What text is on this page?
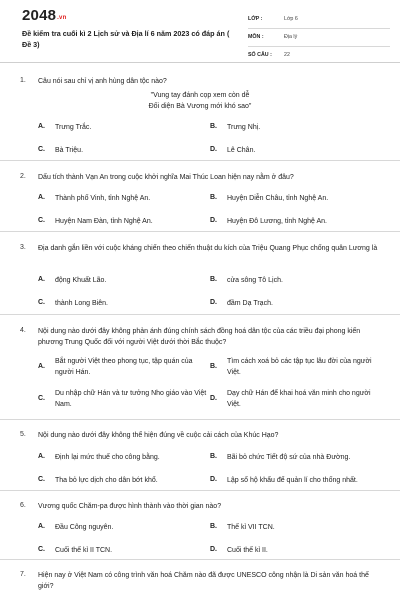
2048.vn
Đề kiểm tra cuối kì 2 Lịch sử và Địa lí 6 năm 2023 có đáp án ( Đề 3)
LỚP :	Lớp 6
MÔN :	Địa lý
SỐ CÂU : 22
1. Câu nói sau chỉ vị anh hùng dân tộc nào?
"Vung tay đánh cọp xem còn dễ
Đối diện Bà Vương mới khó sao"
A. Trưng Trắc.	B. Trưng Nhị.
C. Bà Triệu.	D. Lê Chân.
2. Dấu tích thành Vạn An trong cuộc khởi nghĩa Mai Thúc Loan hiện nay nằm ở đâu?
A. Thành phố Vinh, tỉnh Nghệ An.	B. Huyện Diễn Châu, tỉnh Nghệ An.
C. Huyện Nam Đàn, tỉnh Nghệ An.	D. Huyện Đô Lương, tỉnh Nghệ An.
3. Địa danh gắn liền với cuộc kháng chiến theo chiến thuật du kích của Triệu Quang Phục chống quân Lương là
A. động Khuất Lão.	B. cửa sông Tô Lịch.
C. thành Long Biên.	D. đầm Dạ Trạch.
4. Nội dung nào dưới đây không phản ánh đúng chính sách đồng hoá dân tộc của các triều đại phong kiến phương Trung Quốc đối với người Việt dưới thời Bắc thuộc?
A.
Bắt người Việt theo phong tục, tập quán của người Hán.
B.
Tìm cách xoá bỏ các tập tục lâu đời của người Việt.
C.
Du nhập chữ Hán và tư tưởng Nho giáo vào Việt Nam.
D.
Dạy chữ Hán để khai hoá văn minh cho người Việt.
5. Nội dung nào dưới đây không thể hiện đúng về cuộc cải cách của Khúc Hạo?
A. Định lại mức thuế cho công bằng.	B. Bãi bỏ chức Tiết độ sứ của nhà Đường.
C. Tha bỏ lực dịch cho dân bớt khổ.	D. Lập sổ hộ khẩu để quản lí cho thống nhất.
6. Vương quốc Chăm-pa được hình thành vào thời gian nào?
A. Đầu Công nguyên.	B. Thế kỉ VII TCN.
C. Cuối thế kỉ II TCN.	D. Cuối thế kỉ II.
7. Hiện nay ở Việt Nam có công trình văn hoá Chăm nào đã được UNESCO công nhận là Di sản văn hoá thế giới?
